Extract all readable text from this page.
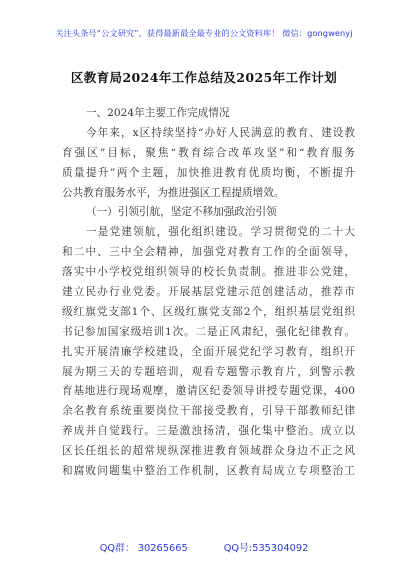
关注头条号“公文研究”，获得最新最全最专业的公文资料库！ 微信：gongwenyj
区教育局2024年工作总结及2025年工作计划
一、2024年主要工作完成情况
今年来，x区持续坚持“办好人民满意的教育、建设教
育强区”目标，聚焦“教育综合改革攻坚”和“教育服务
质量提升”两个主题，加快推进教育优质均衡，不断提升
公共教育服务水平，为推进强区工程提质增效。
（一）引领引航，坚定不移加强政治引领
一是党建领航，强化组织建设。学习贯彻党的二十大
和二中、三中全会精神，加强党对教育工作的全面领导，
落实中小学校党组织领导的校长负责制。推进非公党建，
建立民办行业党委。开展基层党建示范创建活动，推荐市
级红旗党支部1个、区级红旗党支部2个，组织基层党组织
书记参加国家级培训1次。二是正风肃纪，强化纪律教育。
扎实开展清廉学校建设，全面开展党纪学习教育，组织开
展为期三天的专题培训，观看专题警示教育片，到警示教
育基地进行现场观摩，邀请区纪委领导讲授专题党课，400
余名教育系统重要岗位干部接受教育，引导干部教师纪律
养成并自觉践行。三是激浊扬清，强化集中整治。成立以
区长任组长的超常规纵深推进教育领域群众身边不正之风
和腐败问题集中整治工作机制，区教育局成立专项整治工
QQ群： 30265665	QQ号:535304092
